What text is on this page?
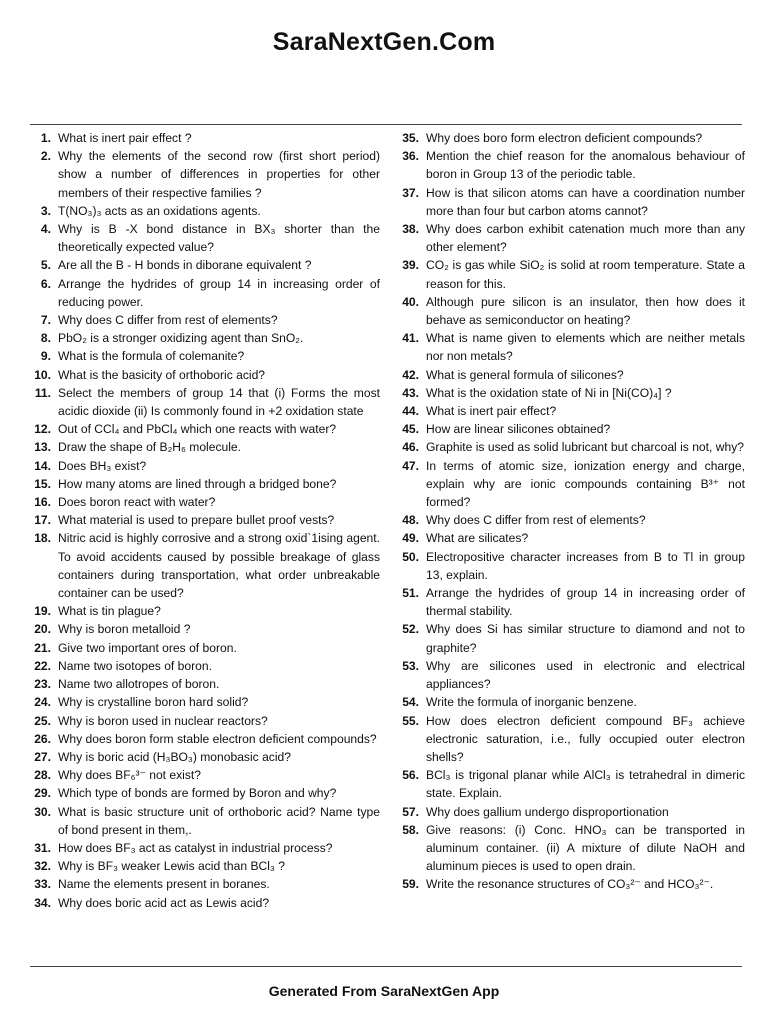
SaraNextGen.Com
1. What is inert pair effect ?
2. Why the elements of the second row (first short period) show a number of differences in properties for other members of their respective families ?
3. T(NO₃)₃ acts as an oxidations agents.
4. Why is B -X bond distance in BX₃ shorter than the theoretically expected value?
5. Are all the B - H bonds in diborane equivalent ?
6. Arrange the hydrides of group 14 in increasing order of reducing power.
7. Why does C differ from rest of elements?
8. PbO₂ is a stronger oxidizing agent than SnO₂.
9. What is the formula of colemanite?
10. What is the basicity of orthoboric acid?
11. Select the members of group 14 that (i) Forms the most acidic dioxide (ii) Is commonly found in +2 oxidation state
12. Out of CCl₄ and PbCl₄ which one reacts with water?
13. Draw the shape of B₂H₆ molecule.
14. Does BH₃ exist?
15. How many atoms are lined through a bridged bone?
16. Does boron react with water?
17. What material is used to prepare bullet proof vests?
18. Nitric acid is highly corrosive and a strong oxid`1ising agent. To avoid accidents caused by possible breakage of glass containers during transportation, what order unbreakable container can be used?
19. What is tin plague?
20. Why is boron metalloid ?
21. Give two important ores of boron.
22. Name two isotopes of boron.
23. Name two allotropes of boron.
24. Why is crystalline boron hard solid?
25. Why is boron used in nuclear reactors?
26. Why does boron form stable electron deficient compounds?
27. Why is boric acid (H₃BO₃) monobasic acid?
28. Why does BF₆³⁻ not exist?
29. Which type of bonds are formed by Boron and why?
30. What is basic structure unit of orthoboric acid? Name type of bond present in them,.
31. How does BF₃ act as catalyst in industrial process?
32. Why is BF₃ weaker Lewis acid than BCl₃ ?
33. Name the elements present in boranes.
34. Why does boric acid act as Lewis acid?
35. Why does boro form electron deficient compounds?
36. Mention the chief reason for the anomalous behaviour of boron in Group 13 of the periodic table.
37. How is that silicon atoms can have a coordination number more than four but carbon atoms cannot?
38. Why does carbon exhibit catenation much more than any other element?
39. CO₂ is gas while SiO₂ is solid at room temperature. State a reason for this.
40. Although pure silicon is an insulator, then how does it behave as semiconductor on heating?
41. What is name given to elements which are neither metals nor non metals?
42. What is general formula of silicones?
43. What is the oxidation state of Ni in [Ni(CO)₄] ?
44. What is inert pair effect?
45. How are linear silicones obtained?
46. Graphite is used as solid lubricant but charcoal is not, why?
47. In terms of atomic size, ionization energy and charge, explain why are ionic compounds containing B³⁺ not formed?
48. Why does C differ from rest of elements?
49. What are silicates?
50. Electropositive character increases from B to Tl in group 13, explain.
51. Arrange the hydrides of group 14 in increasing order of thermal stability.
52. Why does Si has similar structure to diamond and not to graphite?
53. Why are silicones used in electronic and electrical appliances?
54. Write the formula of inorganic benzene.
55. How does electron deficient compound BF₃ achieve electronic saturation, i.e., fully occupied outer electron shells?
56. BCl₃ is trigonal planar while AlCl₃ is tetrahedral in dimeric state. Explain.
57. Why does gallium undergo disproportionation
58. Give reasons: (i) Conc. HNO₃ can be transported in aluminum container. (ii) A mixture of dilute NaOH and aluminum pieces is used to open drain.
59. Write the resonance structures of CO₃²⁻ and HCO₃²⁻.
Generated From SaraNextGen App
